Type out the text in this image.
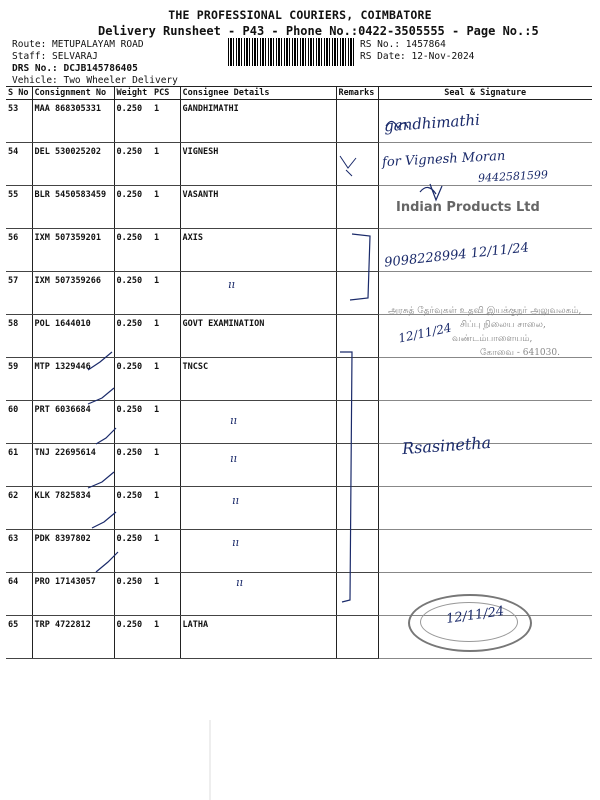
THE PROFESSIONAL COURIERS, COIMBATORE
Delivery Runsheet - P43 - Phone No.:0422-3505555 - Page No.:5
Route: METUPALAYAM ROAD
Staff: SELVARAJ
DRS No.: DCJB145786405
Vehicle: Two Wheeler Delivery
RS No.: 1457864
RS Date: 12-Nov-2024
S No	Consignment No	Weight	PCS	Consignee Details	Remarks	Seal & Signature
53	MAA 868305331	0.250	1	GANDHIMATHI		
54	DEL 530025202	0.250	1	VIGNESH		
55	BLR 5450583459	0.250	1	VASANTH		
56	IXM 507359201	0.250	1	AXIS		
57	IXM 507359266	0.250	1			
58	POL 1644010	0.250	1	GOVT EXAMINATION		
59	MTP 1329446	0.250	1	TNCSC		
60	PRT 6036684	0.250	1			
61	TNJ 22695614	0.250	1			
62	KLK 7825834	0.250	1			
63	PDK 8397802	0.250	1			
64	PRO 17143057	0.250	1			
65	TRP 4722812	0.250	1	LATHA		
gandhimathi
for Vignesh Moran
9442581599
Indian Products Ltd
9098228994 12/11/24
அரசுத் தேர்வுகள் உதவி இயக்குநர் அலுவலகம்,
சிப்பு நிலைய சாலை,
வண்டம்பாளையம்,
கோவை - 641030.
12/11/24
Rsasinetha
ıı
ıı
ıı
ıı
ıı
ıı
12/11/24
